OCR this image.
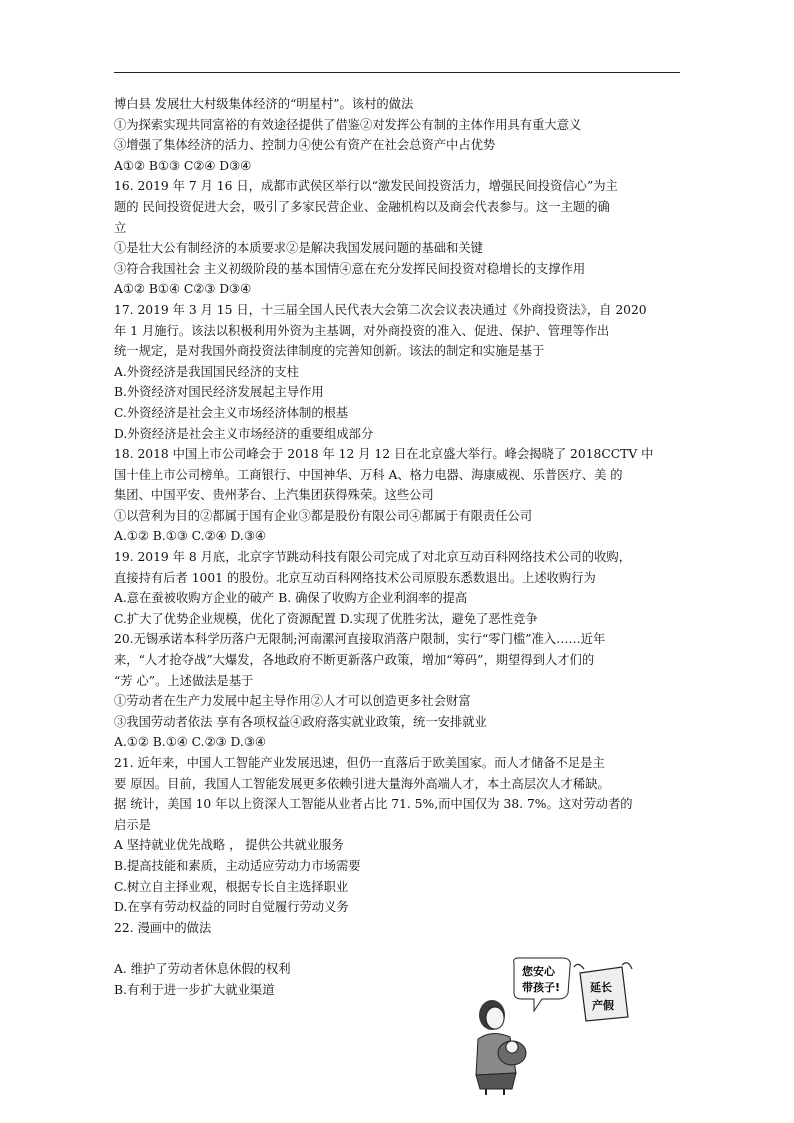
博白县 发展壮大村级集体经济的“明星村”。该村的做法
①为探索实现共同富裕的有效途径提供了借鉴②对发挥公有制的主体作用具有重大意义
③增强了集体经济的活力、控制力④使公有资产在社会总资产中占优势
A①② B①③ C②④ D③④
16. 2019 年 7 月 16 日，成都市武侯区举行以“激发民间投资活力，增强民间投资信心”为主
题的 民间投资促进大会，吸引了多家民营企业、金融机构以及商会代表参与。这一主题的确
立
①是壮大公有制经济的本质要求②是解决我国发展问题的基础和关键
③符合我国社会 主义初级阶段的基本国情④意在充分发挥民间投资对稳增长的支撑作用
A①② B①④ C②③ D③④
17. 2019 年 3 月 15 日，十三届全国人民代表大会第二次会议表决通过《外商投资法》，自 2020
年 1 月施行。该法以积极利用外资为主基调，对外商投资的准入、促进、保护、管理等作出
统一规定，是对我国外商投资法律制度的完善知创新。该法的制定和实施是基于
A.外资经济是我国国民经济的支柱
B.外资经济对国民经济发展起主导作用
C.外资经济是社会主义市场经济体制的根基
D.外资经济是社会主义市场经济的重要组成部分
18. 2018 中国上市公司峰会于 2018 年 12 月 12 日在北京盛大举行。峰会揭晓了 2018CCTV 中
国十佳上市公司榜单。工商银行、中国神华、万科 A、格力电器、海康威视、乐普医疗、美 的
集团、中国平安、贵州茅台、上汽集团获得殊荣。这些公司
①以营利为目的②都属于国有企业③都是股份有限公司④都属于有限责任公司
A.①② B.①③ C.②④ D.③④
19. 2019 年 8 月底，北京字节跳动科技有限公司完成了对北京互动百科网络技术公司的收购，
直接持有后者 1001 的股份。北京互动百科网络技术公司原股东悉数退出。上述收购行为
A.意在蚕被收购方企业的破产 B. 确保了收购方企业利润率的提高
C.扩大了优势企业规模，优化了资源配置 D.实现了优胜劣汰，避免了恶性竞争
20.无锡承诺本科学历落户无限制;河南漯河直接取消落户限制，实行“零门槛”准入……近年
来，“人才抢夺战”大爆发，各地政府不断更新落户政策，增加“筹码”，期望得到人才们的
“芳 心”。上述做法是基于
①劳动者在生产力发展中起主导作用②人才可以创造更多社会财富
③我国劳动者依法 享有各项权益④政府落实就业政策，统一安排就业
A.①② B.①④ C.②③ D.③④
21. 近年来，中国人工智能产业发展迅速，但仍一直落后于欧美国家。而人才储备不足是主
要 原因。目前，我国人工智能发展更多依赖引进大量海外高端人才，本土高层次人才稀缺。
据 统计，美国 10 年以上资深人工智能从业者占比 71. 5%,而中国仅为 38. 7%。这对劳动者的
启示是
A 坚持就业优先战略 ， 提供公共就业服务
B.提高技能和素质，主动适应劳动力市场需要
C.树立自主择业观，根据专长自主选择职业
D.在享有劳动权益的同时自觉履行劳动义务
22. 漫画中的做法
A. 维护了劳动者休息休假的权利
B.有利于进一步扩大就业渠道
您安心
带孩子!	延长
产假
